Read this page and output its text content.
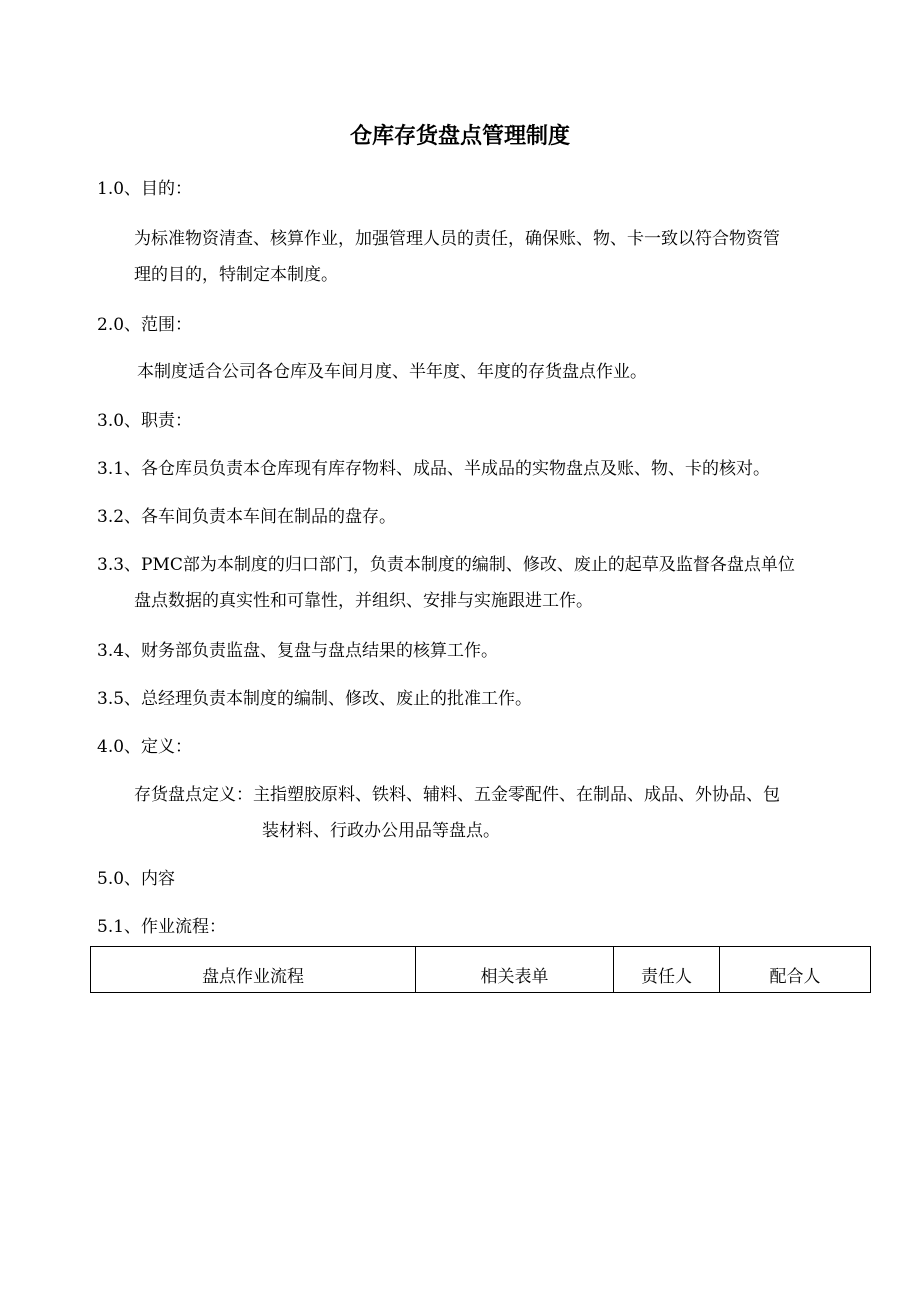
仓库存货盘点管理制度
1.0、目的：
为标准物资清查、核算作业，加强管理人员的责任，确保账、物、卡一致以符合物资管
理的目的，特制定本制度。
2.0、范围：
本制度适合公司各仓库及车间月度、半年度、年度的存货盘点作业。
3.0、职责：
3.1、各仓库员负责本仓库现有库存物料、成品、半成品的实物盘点及账、物、卡的核对。
3.2、各车间负责本车间在制品的盘存。
3.3、PMC部为本制度的归口部门，负责本制度的编制、修改、废止的起草及监督各盘点单位
盘点数据的真实性和可靠性，并组织、安排与实施跟进工作。
3.4、财务部负责监盘、复盘与盘点结果的核算工作。
3.5、总经理负责本制度的编制、修改、废止的批准工作。
4.0、定义：
存货盘点定义：主指塑胶原料、铁料、辅料、五金零配件、在制品、成品、外协品、包
装材料、行政办公用品等盘点。
5.0、内容
5.1、作业流程：
盘点作业流程	相关表单	责任人	配合人
